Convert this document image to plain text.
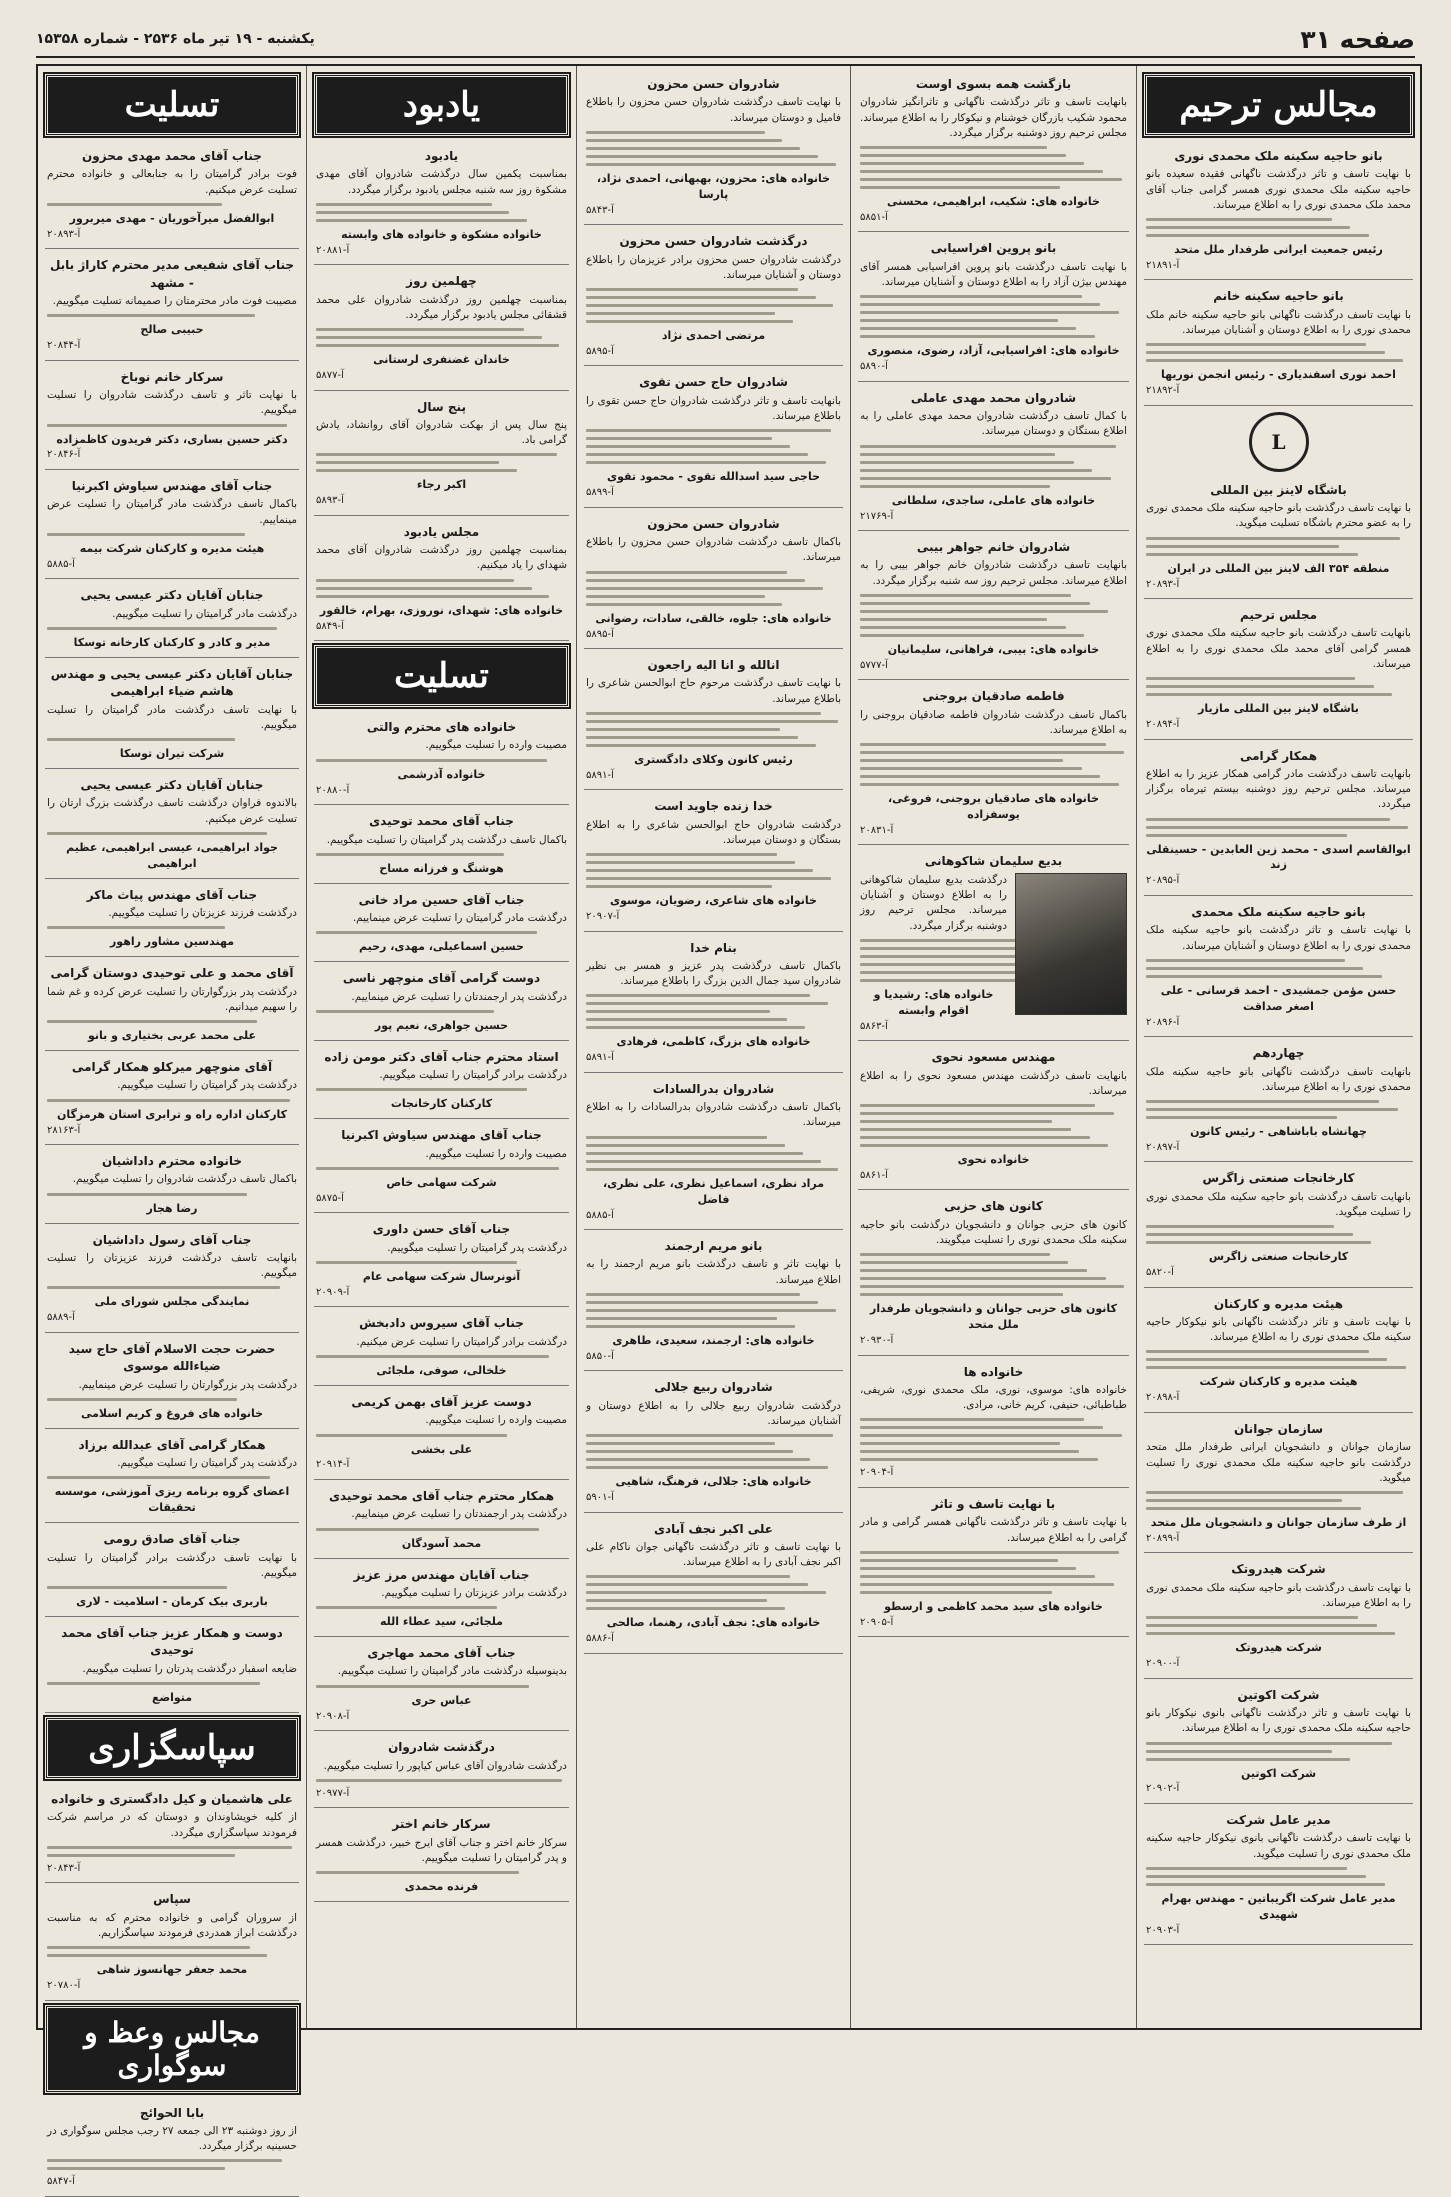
صفحه ۳۱
یکشنبه - ۱۹ تیر ماه ۲۵۳۶ - شماره ۱۵۳۵۸
مجالس ترحیم
بانو حاجیه سکینه ملک محمدی نوری
با نهایت تاسف و تاثر درگذشت ناگهانی فقیده سعیده بانو حاجیه سکینه ملک محمدی نوری همسر گرامی جناب آقای محمد ملک محمدی نوری را به اطلاع میرساند.
رئیس جمعیت ایرانی طرفدار ملل متحد
آ-۲۱۸۹۱
بانو حاجیه سکینه خانم
با نهایت تاسف درگذشت ناگهانی بانو حاجیه سکینه خانم ملک محمدی نوری را به اطلاع دوستان و آشنایان میرساند.
احمد نوری اسفندیاری - رئیس انجمن نوریها
آ-۲۱۸۹۲
L
باشگاه لاینز بین المللی
با نهایت تاسف درگذشت بانو حاجیه سکینه ملک محمدی نوری را به عضو محترم باشگاه تسلیت میگوید.
منطقه ۳۵۴ الف لاینز بین المللی در ایران
آ-۲۰۸۹۳
مجلس ترحیم
بانهایت تاسف درگذشت بانو حاجیه سکینه ملک محمدی نوری همسر گرامی آقای محمد ملک محمدی نوری را به اطلاع میرساند.
باشگاه لاینز بین المللی مازیار
آ-۲۰۸۹۴
همکار گرامی
بانهایت تاسف درگذشت مادر گرامی همکار عزیز را به اطلاع میرساند. مجلس ترحیم روز دوشنبه بیستم تیرماه برگزار میگردد.
ابوالقاسم اسدی - محمد زین العابدین - حسینقلی زند
آ-۲۰۸۹۵
بانو حاجیه سکینه ملک محمدی
با نهایت تاسف و تاثر درگذشت بانو حاجیه سکینه ملک محمدی نوری را به اطلاع دوستان و آشنایان میرساند.
حسن مؤمن جمشیدی - احمد قرسانی - علی اصغر صداقت
آ-۲۰۸۹۶
چهاردهم
بانهایت تاسف درگذشت ناگهانی بانو حاجیه سکینه ملک محمدی نوری را به اطلاع میرساند.
چهانشاه باباشاهی - رئیس کانون
آ-۲۰۸۹۷
کارخانجات صنعتی زاگرس
بانهایت تاسف درگذشت بانو حاجیه سکینه ملک محمدی نوری را تسلیت میگوید.
کارخانجات صنعتی زاگرس
آ-۵۸۲۰
هیئت مدیره و کارکنان
با نهایت تاسف و تاثر درگذشت ناگهانی بانو نیکوکار حاجیه سکینه ملک محمدی نوری را به اطلاع میرساند.
هیئت مدیره و کارکنان شرکت
آ-۲۰۸۹۸
سازمان جوانان
سازمان جوانان و دانشجویان ایرانی طرفدار ملل متحد درگذشت بانو حاجیه سکینه ملک محمدی نوری را تسلیت میگوید.
از طرف سازمان جوانان و دانشجویان ملل متحد
آ-۲۰۸۹۹
شرکت هیدروتک
با نهایت تاسف درگذشت بانو حاجیه سکینه ملک محمدی نوری را به اطلاع میرساند.
شرکت هیدروتک
آ-۲۰۹۰۰
شرکت اکوتین
با نهایت تاسف و تاثر درگذشت ناگهانی بانوی نیکوکار بانو حاجیه سکینه ملک محمدی نوری را به اطلاع میرساند.
شرکت اکوتین
آ-۲۰۹۰۲
مدیر عامل شرکت
با نهایت تاسف درگذشت ناگهانی بانوی نیکوکار حاجیه سکینه ملک محمدی نوری را تسلیت میگوید.
مدیر عامل شرکت اگریباتین - مهندس بهرام شهیدی
آ-۲۰۹۰۳
بازگشت همه بسوی اوست
بانهایت تاسف و تاثر درگذشت ناگهانی و تاثرانگیز شادروان محمود شکیب بازرگان خوشنام و نیکوکار را به اطلاع میرساند. مجلس ترحیم روز دوشنبه برگزار میگردد.
خانواده های: شکیب، ابراهیمی، محسنی
آ-۵۸۵۱
بانو پروین افراسیابی
با نهایت تاسف درگذشت بانو پروین افراسیابی همسر آقای مهندس بیژن آزاد را به اطلاع دوستان و آشنایان میرساند.
خانواده های: افراسیابی، آزاد، رضوی، منصوری
آ-۵۸۹۰
شادروان محمد مهدی عاملی
با کمال تاسف درگذشت شادروان محمد مهدی عاملی را به اطلاع بستگان و دوستان میرساند.
خانواده های عاملی، ساجدی، سلطانی
آ-۲۱۷۶۹
شادروان خانم جواهر بیبی
بانهایت تاسف درگذشت شادروان خانم جواهر بیبی را به اطلاع میرساند. مجلس ترحیم روز سه شنبه برگزار میگردد.
خانواده های: بیبی، فراهانی، سلیمانیان
آ-۵۷۷۷
فاطمه صادقیان بروجنی
باکمال تاسف درگذشت شادروان فاطمه صادقیان بروجنی را به اطلاع میرساند.
خانواده های صادقیان بروجنی، فروغی، یوسفزاده
آ-۲۰۸۳۱
بدیع سلیمان شاکوهانی
درگذشت بدیع سلیمان شاکوهانی را به اطلاع دوستان و آشنایان میرساند. مجلس ترحیم روز دوشنبه برگزار میگردد.
خانواده های: رشیدیا و اقوام وابسته
آ-۵۸۶۳
مهندس مسعود نحوی
بانهایت تاسف درگذشت مهندس مسعود نحوی را به اطلاع میرساند.
خانواده نحوی
آ-۵۸۶۱
کانون های حزبی
کانون های حزبی جوانان و دانشجویان درگذشت بانو حاجیه سکینه ملک محمدی نوری را تسلیت میگویند.
کانون های حزبی جوانان و دانشجویان طرفدار ملل متحد
آ-۲۰۹۳۰
خانواده ها
خانواده های: موسوی، نوری، ملک محمدی نوری، شریفی، طباطبائی، حنیفی، کریم خانی، مرادی.
آ-۲۰۹۰۴
با نهایت تاسف و تاثر
با نهایت تاسف و تاثر درگذشت ناگهانی همسر گرامی و مادر گرامی را به اطلاع میرساند.
خانواده های سید محمد کاظمی و ارسطو
آ-۲۰۹۰۵
شادروان حسن محزون
با نهایت تاسف درگذشت شادروان حسن محزون را باطلاع فامیل و دوستان میرساند.
خانواده های: محزون، بهبهانی، احمدی نژاد، پارسا
آ-۵۸۴۳
درگذشت شادروان حسن محزون
درگذشت شادروان حسن محزون برادر عزیزمان را باطلاع دوستان و آشنایان میرساند.
مرتضی احمدی نژاد
آ-۵۸۹۵
شادروان حاج حسن تقوی
بانهایت تاسف و تاثر درگذشت شادروان حاج حسن تقوی را باطلاع میرساند.
حاجی سید اسدالله تقوی - محمود تقوی
آ-۵۸۹۹
شادروان حسن محزون
باکمال تاسف درگذشت شادروان حسن محزون را باطلاع میرساند.
خانواده های: جلوه، خالقی، سادات، رضوانی
آ-۵۸۹۵
انالله و انا الیه راجعون
با نهایت تاسف درگذشت مرحوم حاج ابوالحسن شاعری را باطلاع میرساند.
رئیس کانون وکلای دادگستری
آ-۵۸۹۱
خدا زنده جاوید است
درگذشت شادروان حاج ابوالحسن شاعری را به اطلاع بستگان و دوستان میرساند.
خانواده های شاعری، رضویان، موسوی
آ-۲۰۹۰۷
بنام خدا
باکمال تاسف درگذشت پدر عزیز و همسر بی نظیر شادروان سید جمال الدین بزرگ را باطلاع میرساند.
خانواده های بزرگ، کاظمی، فرهادی
آ-۵۸۹۱
شادروان بدرالسادات
باکمال تاسف درگذشت شادروان بدرالسادات را به اطلاع میرساند.
مراد نظری، اسماعیل نظری، علی نظری، فاضل
آ-۵۸۸۵
بانو مریم ارجمند
با نهایت تاثر و تاسف درگذشت بانو مریم ارجمند را به اطلاع میرساند.
خانواده های: ارجمند، سعیدی، طاهری
آ-۵۸۵۰
شادروان ربیع جلالی
درگذشت شادروان ربیع جلالی را به اطلاع دوستان و آشنایان میرساند.
خانواده های: جلالی، فرهنگ، شاهیی
آ-۵۹۰۱
علی اکبر نجف آبادی
با نهایت تاسف و تاثر درگذشت ناگهانی جوان ناکام علی اکبر نجف آبادی را به اطلاع میرساند.
خانواده های: نجف آبادی، رهنما، صالحی
آ-۵۸۸۶
یادبود
یادبود
بمناسبت یکمین سال درگذشت شادروان آقای مهدی مشکوة روز سه شنبه مجلس یادبود برگزار میگردد.
خانواده مشکوة و خانواده های وابسته
آ-۲۰۸۸۱
چهلمین روز
بمناسبت چهلمین روز درگذشت شادروان علی محمد قشقائی مجلس یادبود برگزار میگردد.
خاندان غضنفری لرستانی
آ-۵۸۷۷
پنج سال
پنج سال پس از بهکت شادروان آقای روانشاد، یادش گرامی باد.
اکبر رجاء
آ-۵۸۹۳
مجلس یادبود
بمناسبت چهلمین روز درگذشت شادروان آقای محمد شهدای را یاد میکنیم.
خانواده های: شهدای، نوروزی، بهرام، خالقور
آ-۵۸۴۹
تسلیت
خانواده های محترم والتی
مصیبت وارده را تسلیت میگوییم.
خانواده آذرشمی
آ-۲۰۸۸۰
جناب آقای محمد توحیدی
باکمال تاسف درگذشت پدر گرامیتان را تسلیت میگوییم.
هوشنگ و فرزانه مساح
جناب آقای حسین مراد خانی
درگذشت مادر گرامیتان را تسلیت عرض مینماییم.
حسین اسماعیلی، مهدی، رحیم
دوست گرامی آقای منوچهر ناسی
درگذشت پدر ارجمندتان را تسلیت عرض مینماییم.
حسین جواهری، نعیم پور
استاد محترم جناب آقای دکتر مومن زاده
درگذشت برادر گرامیتان را تسلیت میگوییم.
کارکنان کارخانجات
جناب آقای مهندس سیاوش اکبرنیا
مصیبت وارده را تسلیت میگوییم.
شرکت سهامی خاص
آ-۵۸۷۵
جناب آقای حسن داوری
درگذشت پدر گرامیتان را تسلیت میگوییم.
آنونرسال شرکت سهامی عام
آ-۲۰۹۰۹
جناب آقای سیروس دادبخش
درگذشت برادر گرامیتان را تسلیت عرض میکنیم.
خلخالی، صوفی، ملجائی
دوست عزیز آقای بهمن کریمی
مصیبت وارده را تسلیت میگوییم.
علی بخشی
آ-۲۰۹۱۴
همکار محترم جناب آقای محمد توحیدی
درگذشت پدر ارجمندتان را تسلیت عرض مینماییم.
محمد آسودگان
جناب آقایان مهندس مرز عزیز
درگذشت برادر عزیزتان را تسلیت میگوییم.
ملجائی، سید عطاء الله
جناب آقای محمد مهاجری
بدینوسیله درگذشت مادر گرامیتان را تسلیت میگوییم.
عباس حری
آ-۲۰۹۰۸
درگذشت شادروان
درگذشت شادروان آقای عباس کیاپور را تسلیت میگوییم.
آ-۲۰۹۷۷
سرکار خانم اختر
سرکار خانم اختر و جناب آقای ایرج خبیر، درگذشت همسر و پدر گرامیتان را تسلیت میگوییم.
فرنده محمدی
تسلیت
جناب آقای محمد مهدی محزون
فوت برادر گرامیتان را به جنابعالی و خانواده محترم تسلیت عرض میکنیم.
ابوالفضل میرآخوریان - مهدی میربرور
آ-۲۰۸۹۳
جناب آقای شفیعی مدیر محترم کاراژ بابل - مشهد
مصیبت فوت مادر محترمتان را صمیمانه تسلیت میگوییم.
حبیبی صالح
آ-۲۰۸۴۴
سرکار خانم نوباخ
با نهایت تاثر و تاسف درگذشت شادروان را تسلیت میگوییم.
دکتر حسین بساری، دکتر فریدون کاظمزاده
آ-۲۰۸۴۶
جناب آقای مهندس سیاوش اکبرنیا
باکمال تاسف درگذشت مادر گرامیتان را تسلیت عرض مینماییم.
هیئت مدیره و کارکنان شرکت بیمه
آ-۵۸۸۵
جنابان آقایان دکتر عیسی یحیی
درگذشت مادر گرامیتان را تسلیت میگوییم.
مدیر و کادر و کارکنان کارخانه توسکا
جنابان آقایان دکتر عیسی یحیی و مهندس هاشم ضیاء ابراهیمی
با نهایت تاسف درگذشت مادر گرامیتان را تسلیت میگوییم.
شرکت تیران توسکا
جنابان آقایان دکتر عیسی یحیی
بالاندوه فراوان درگذشت تاسف درگذشت بزرگ ارتان را تسلیت عرض میکنیم.
جواد ابراهیمی، عیسی ابراهیمی، عظیم ابراهیمی
جناب آقای مهندس پیاث ماکر
درگذشت فرزند عزیزتان را تسلیت میگوییم.
مهندسین مشاور راهور
آقای محمد و علی توحیدی دوستان گرامی
درگذشت پدر بزرگوارتان را تسلیت عرض کرده و غم شما را سهیم میدانیم.
علی محمد عربی بختیاری و بانو
آقای منوچهر میرکلو همکار گرامی
درگذشت پدر گرامیتان را تسلیت میگوییم.
کارکنان اداره راه و ترابری استان هرمزگان
آ-۲۸۱۶۳
خانواده محترم داداشیان
باکمال تاسف درگذشت شادروان را تسلیت میگوییم.
رضا هجار
جناب آقای رسول داداشیان
بانهایت تاسف درگذشت فرزند عزیزتان را تسلیت میگوییم.
نمایندگی مجلس شورای ملی
آ-۵۸۸۹
حضرت حجت الاسلام آقای حاج سید ضیاءالله موسوی
درگذشت پدر بزرگوارتان را تسلیت عرض مینماییم.
خانواده های فروغ و کریم اسلامی
همکار گرامی آقای عبدالله برزاد
درگذشت پدر گرامیتان را تسلیت میگوییم.
اعضای گروه برنامه ریزی آموزشی، موسسه تحقیقات
جناب آقای صادق رومی
با نهایت تاسف درگذشت برادر گرامیتان را تسلیت میگوییم.
باربری بیک کرمان - اسلامیت - لاری
دوست و همکار عزیز جناب آقای محمد توحیدی
ضایعه اسفبار درگذشت پدرتان را تسلیت میگوییم.
متواضع
سپاسگزاری
علی هاشمیان و کیل دادگستری و خانواده
از کلیه خویشاوندان و دوستان که در مراسم شرکت فرمودند سپاسگزاری میگردد.
آ-۲۰۸۴۳
سپاس
از سروران گرامی و خانواده محترم که به مناسبت درگذشت ابراز همدردی فرمودند سپاسگزاریم.
محمد جعفر جهانسوز شاهی
آ-۲۰۷۸۰
مجالس وعظ و سوگواری
بابا الحوائج
از روز دوشنبه ۲۳ الی جمعه ۲۷ رجب مجلس سوگواری در حسینیه برگزار میگردد.
آ-۵۸۴۷
